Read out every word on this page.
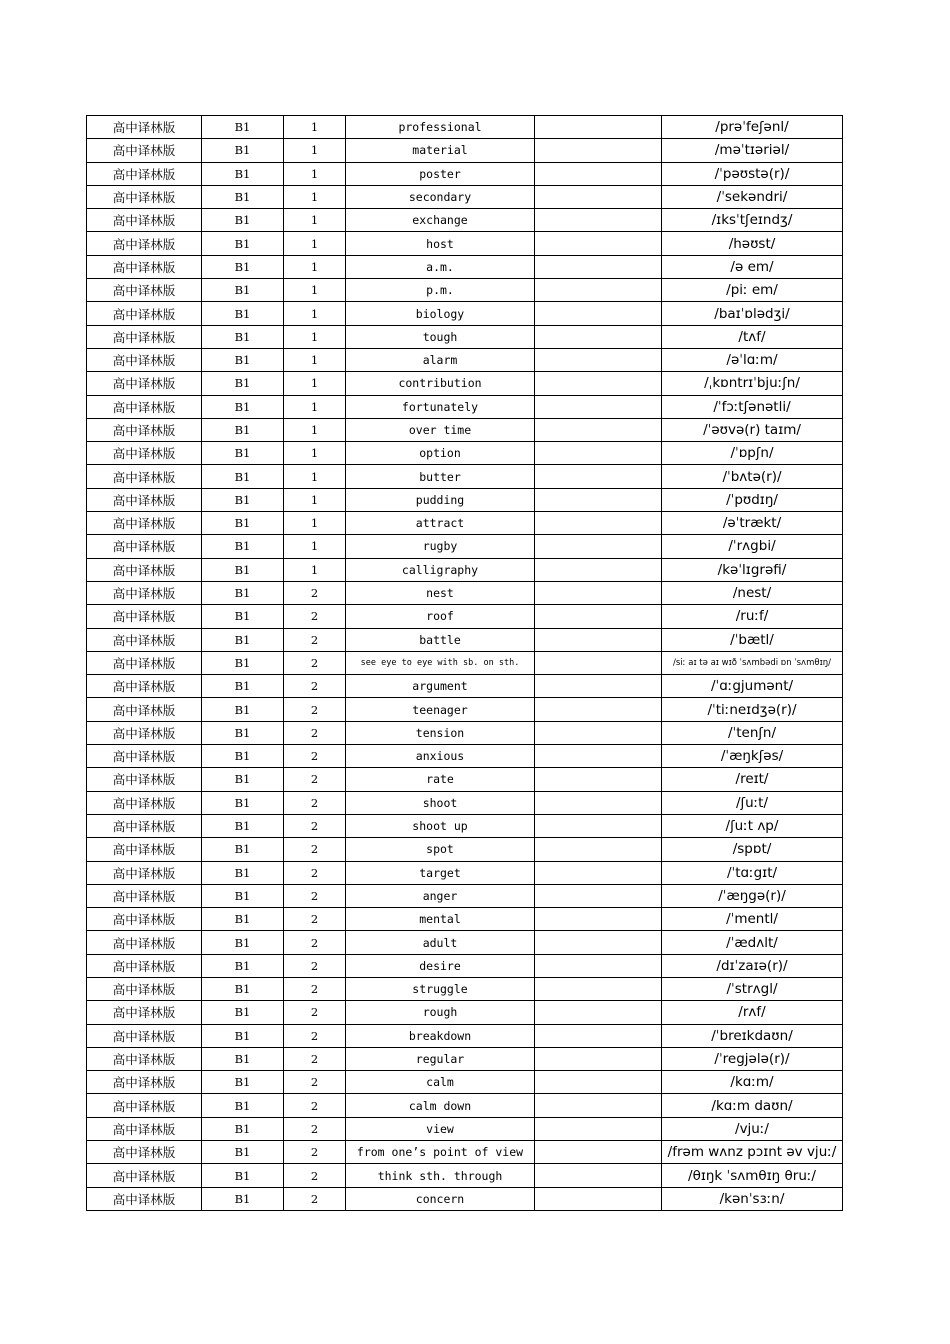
高中译林版	B1	1	professional		/prəˈfeʃənl/
高中译林版	B1	1	material		/məˈtɪəriəl/
高中译林版	B1	1	poster		/ˈpəʊstə(r)/
高中译林版	B1	1	secondary		/ˈsekəndri/
高中译林版	B1	1	exchange		/ɪksˈtʃeɪndʒ/
高中译林版	B1	1	host		/həʊst/
高中译林版	B1	1	a.m.		/ə em/
高中译林版	B1	1	p.m.		/piː em/
高中译林版	B1	1	biology		/baɪˈɒlədʒi/
高中译林版	B1	1	tough		/tʌf/
高中译林版	B1	1	alarm		/əˈlɑːm/
高中译林版	B1	1	contribution		/ˌkɒntrɪˈbjuːʃn/
高中译林版	B1	1	fortunately		/ˈfɔːtʃənətli/
高中译林版	B1	1	over time		/ˈəʊvə(r) taɪm/
高中译林版	B1	1	option		/ˈɒpʃn/
高中译林版	B1	1	butter		/ˈbʌtə(r)/
高中译林版	B1	1	pudding		/ˈpʊdɪŋ/
高中译林版	B1	1	attract		/əˈtrækt/
高中译林版	B1	1	rugby		/ˈrʌgbi/
高中译林版	B1	1	calligraphy		/kəˈlɪgrəfi/
高中译林版	B1	2	nest		/nest/
高中译林版	B1	2	roof		/ruːf/
高中译林版	B1	2	battle		/ˈbætl/
高中译林版	B1	2	see eye to eye with sb. on sth.		/siː aɪ tə aɪ wɪð ˈsʌmbədi ɒn ˈsʌmθɪŋ/
高中译林版	B1	2	argument		/ˈɑːgjumənt/
高中译林版	B1	2	teenager		/ˈtiːneɪdʒə(r)/
高中译林版	B1	2	tension		/ˈtenʃn/
高中译林版	B1	2	anxious		/ˈæŋkʃəs/
高中译林版	B1	2	rate		/reɪt/
高中译林版	B1	2	shoot		/ʃuːt/
高中译林版	B1	2	shoot up		/ʃuːt ʌp/
高中译林版	B1	2	spot		/spɒt/
高中译林版	B1	2	target		/ˈtɑːgɪt/
高中译林版	B1	2	anger		/ˈæŋgə(r)/
高中译林版	B1	2	mental		/ˈmentl/
高中译林版	B1	2	adult		/ˈædʌlt/
高中译林版	B1	2	desire		/dɪˈzaɪə(r)/
高中译林版	B1	2	struggle		/ˈstrʌgl/
高中译林版	B1	2	rough		/rʌf/
高中译林版	B1	2	breakdown		/ˈbreɪkdaʊn/
高中译林版	B1	2	regular		/ˈregjələ(r)/
高中译林版	B1	2	calm		/kɑːm/
高中译林版	B1	2	calm down		/kɑːm daʊn/
高中译林版	B1	2	view		/vjuː/
高中译林版	B1	2	from one’s point of view		/frəm wʌnz pɔɪnt əv vjuː/
高中译林版	B1	2	think sth. through		/θɪŋk ˈsʌmθɪŋ θruː/
高中译林版	B1	2	concern		/kənˈsɜːn/
